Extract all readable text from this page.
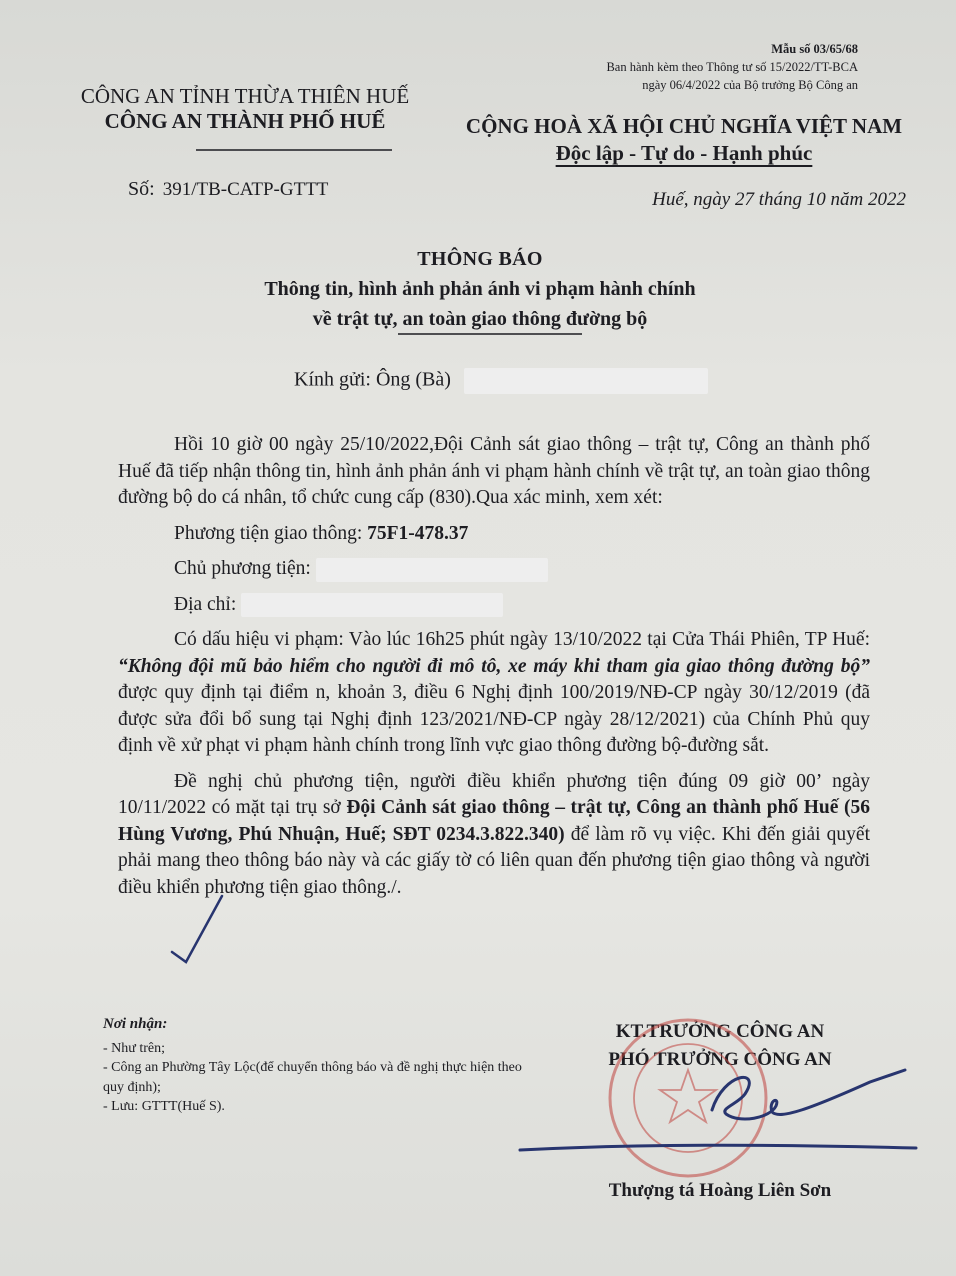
Mẫu số 03/65/68
Ban hành kèm theo Thông tư số 15/2022/TT-BCA
ngày 06/4/2022 của Bộ trưởng Bộ Công an
CÔNG AN TỈNH THỪA THIÊN HUẾ
CÔNG AN THÀNH PHỐ HUẾ	CỘNG HOÀ XÃ HỘI CHỦ NGHĨA VIỆT NAM
Độc lập - Tự do - Hạnh phúc
Số: 391/TB-CATP-GTTT	Huế, ngày 27 tháng 10 năm 2022
THÔNG BÁO
Thông tin, hình ảnh phản ánh vi phạm hành chính
về trật tự, an toàn giao thông đường bộ
Kính gửi: Ông (Bà)

Hồi 10 giờ 00 ngày 25/10/2022,Đội Cảnh sát giao thông – trật tự, Công an thành phố Huế đã tiếp nhận thông tin, hình ảnh phản ánh vi phạm hành chính về trật tự, an toàn giao thông đường bộ do cá nhân, tổ chức cung cấp (830).Qua xác minh, xem xét:

Phương tiện giao thông: 75F1-478.37

Chủ phương tiện:

Địa chỉ:

Có dấu hiệu vi phạm: Vào lúc 16h25 phút ngày 13/10/2022 tại Cửa Thái Phiên, TP Huế: “Không đội mũ bảo hiểm cho người đi mô tô, xe máy khi tham gia giao thông đường bộ” được quy định tại điểm n, khoản 3, điều 6 Nghị định 100/2019/NĐ-CP ngày 30/12/2019 (đã được sửa đổi bổ sung tại Nghị định 123/2021/NĐ-CP ngày 28/12/2021) của Chính Phủ quy định về xử phạt vi phạm hành chính trong lĩnh vực giao thông đường bộ-đường sắt.

Đề nghị chủ phương tiện, người điều khiển phương tiện đúng 09 giờ 00’ ngày 10/11/2022 có mặt tại trụ sở Đội Cảnh sát giao thông – trật tự, Công an thành phố Huế (56 Hùng Vương, Phú Nhuận, Huế; SĐT 0234.3.822.340) để làm rõ vụ việc. Khi đến giải quyết phải mang theo thông báo này và các giấy tờ có liên quan đến phương tiện giao thông và người điều khiển phương tiện giao thông./.

Nơi nhận:
- Như trên;
- Công an Phường Tây Lộc(để chuyển thông báo và đề nghị thực hiện theo quy định);
- Lưu: GTTT(Huế S).
KT.TRƯỞNG CÔNG AN
PHÓ TRƯỞNG CÔNG AN
Thượng tá Hoàng Liên Sơn
